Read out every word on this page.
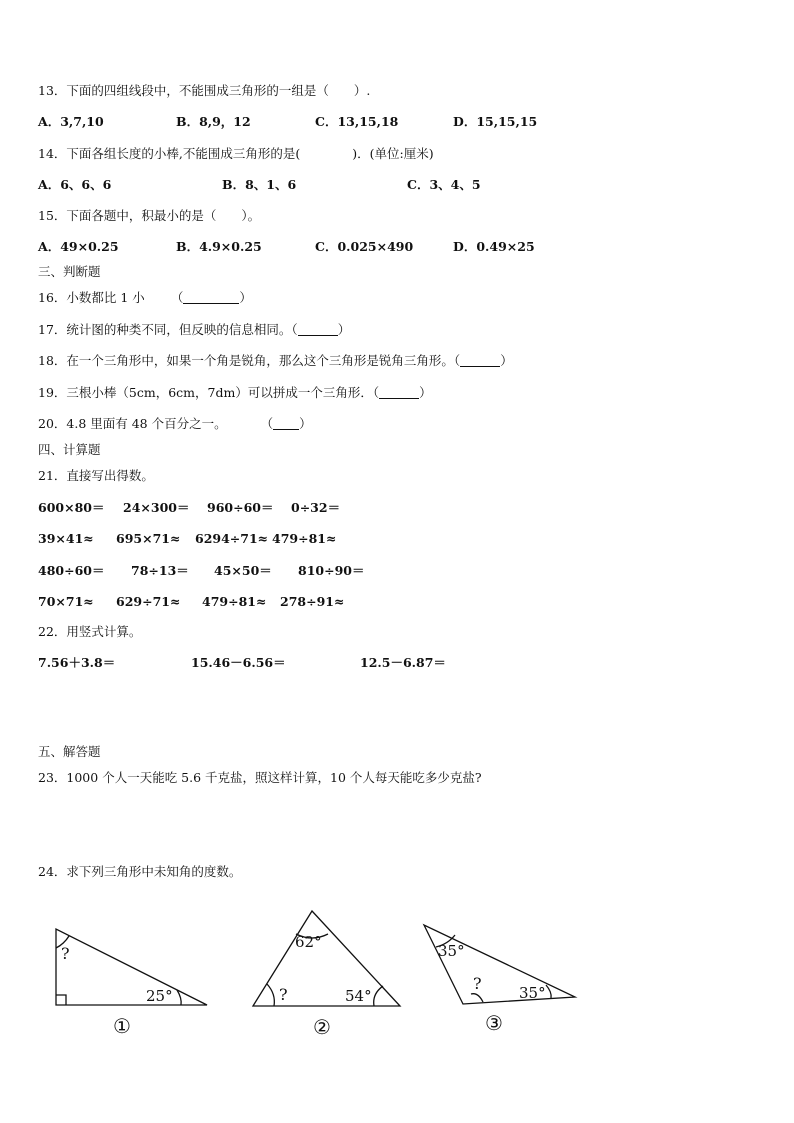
13．下面的四组线段中，不能围成三角形的一组是（　　）.
A．3,7,10	B．8,9，12	C．13,15,18	D．15,15,15
14．下面各组长度的小棒,不能围成三角形的是(	)．(单位:厘米)
A．6、6、6	B．8、1、6	C．3、4、5
15．下面各题中，积最小的是（　　）。
A．49×0.25	B．4.9×0.25	C．0.025×490	D．0.49×25
三、判断题
16．小数都比 1 小 （	）
17．统计图的种类不同，但反映的信息相同。（	）
18．在一个三角形中，如果一个角是锐角，那么这个三角形是锐角三角形。（	）
19．三根小棒（5cm，6cm，7dm）可以拼成一个三角形．（	）
20．4.8 里面有 48 个百分之一。	（ ）
四、计算题
21．直接写出得数。
600×80＝ 24×300＝ 960÷60＝ 0÷32＝
39×41≈ 695×71≈ 6294÷71≈ 479÷81≈
480÷60＝ 78÷13＝ 45×50＝ 810÷90＝
70×71≈ 629÷71≈ 479÷81≈ 278÷91≈
22．用竖式计算。
7.56＋3.8＝	15.46－6.56＝	12.5－6.87＝
五、解答题
23．1000 个人一天能吃 5.6 千克盐，照这样计算，10 个人每天能吃多少克盐?
24．求下列三角形中未知角的度数。
?
25°
①
62°
?	54°
②
35°
? 35°
③
